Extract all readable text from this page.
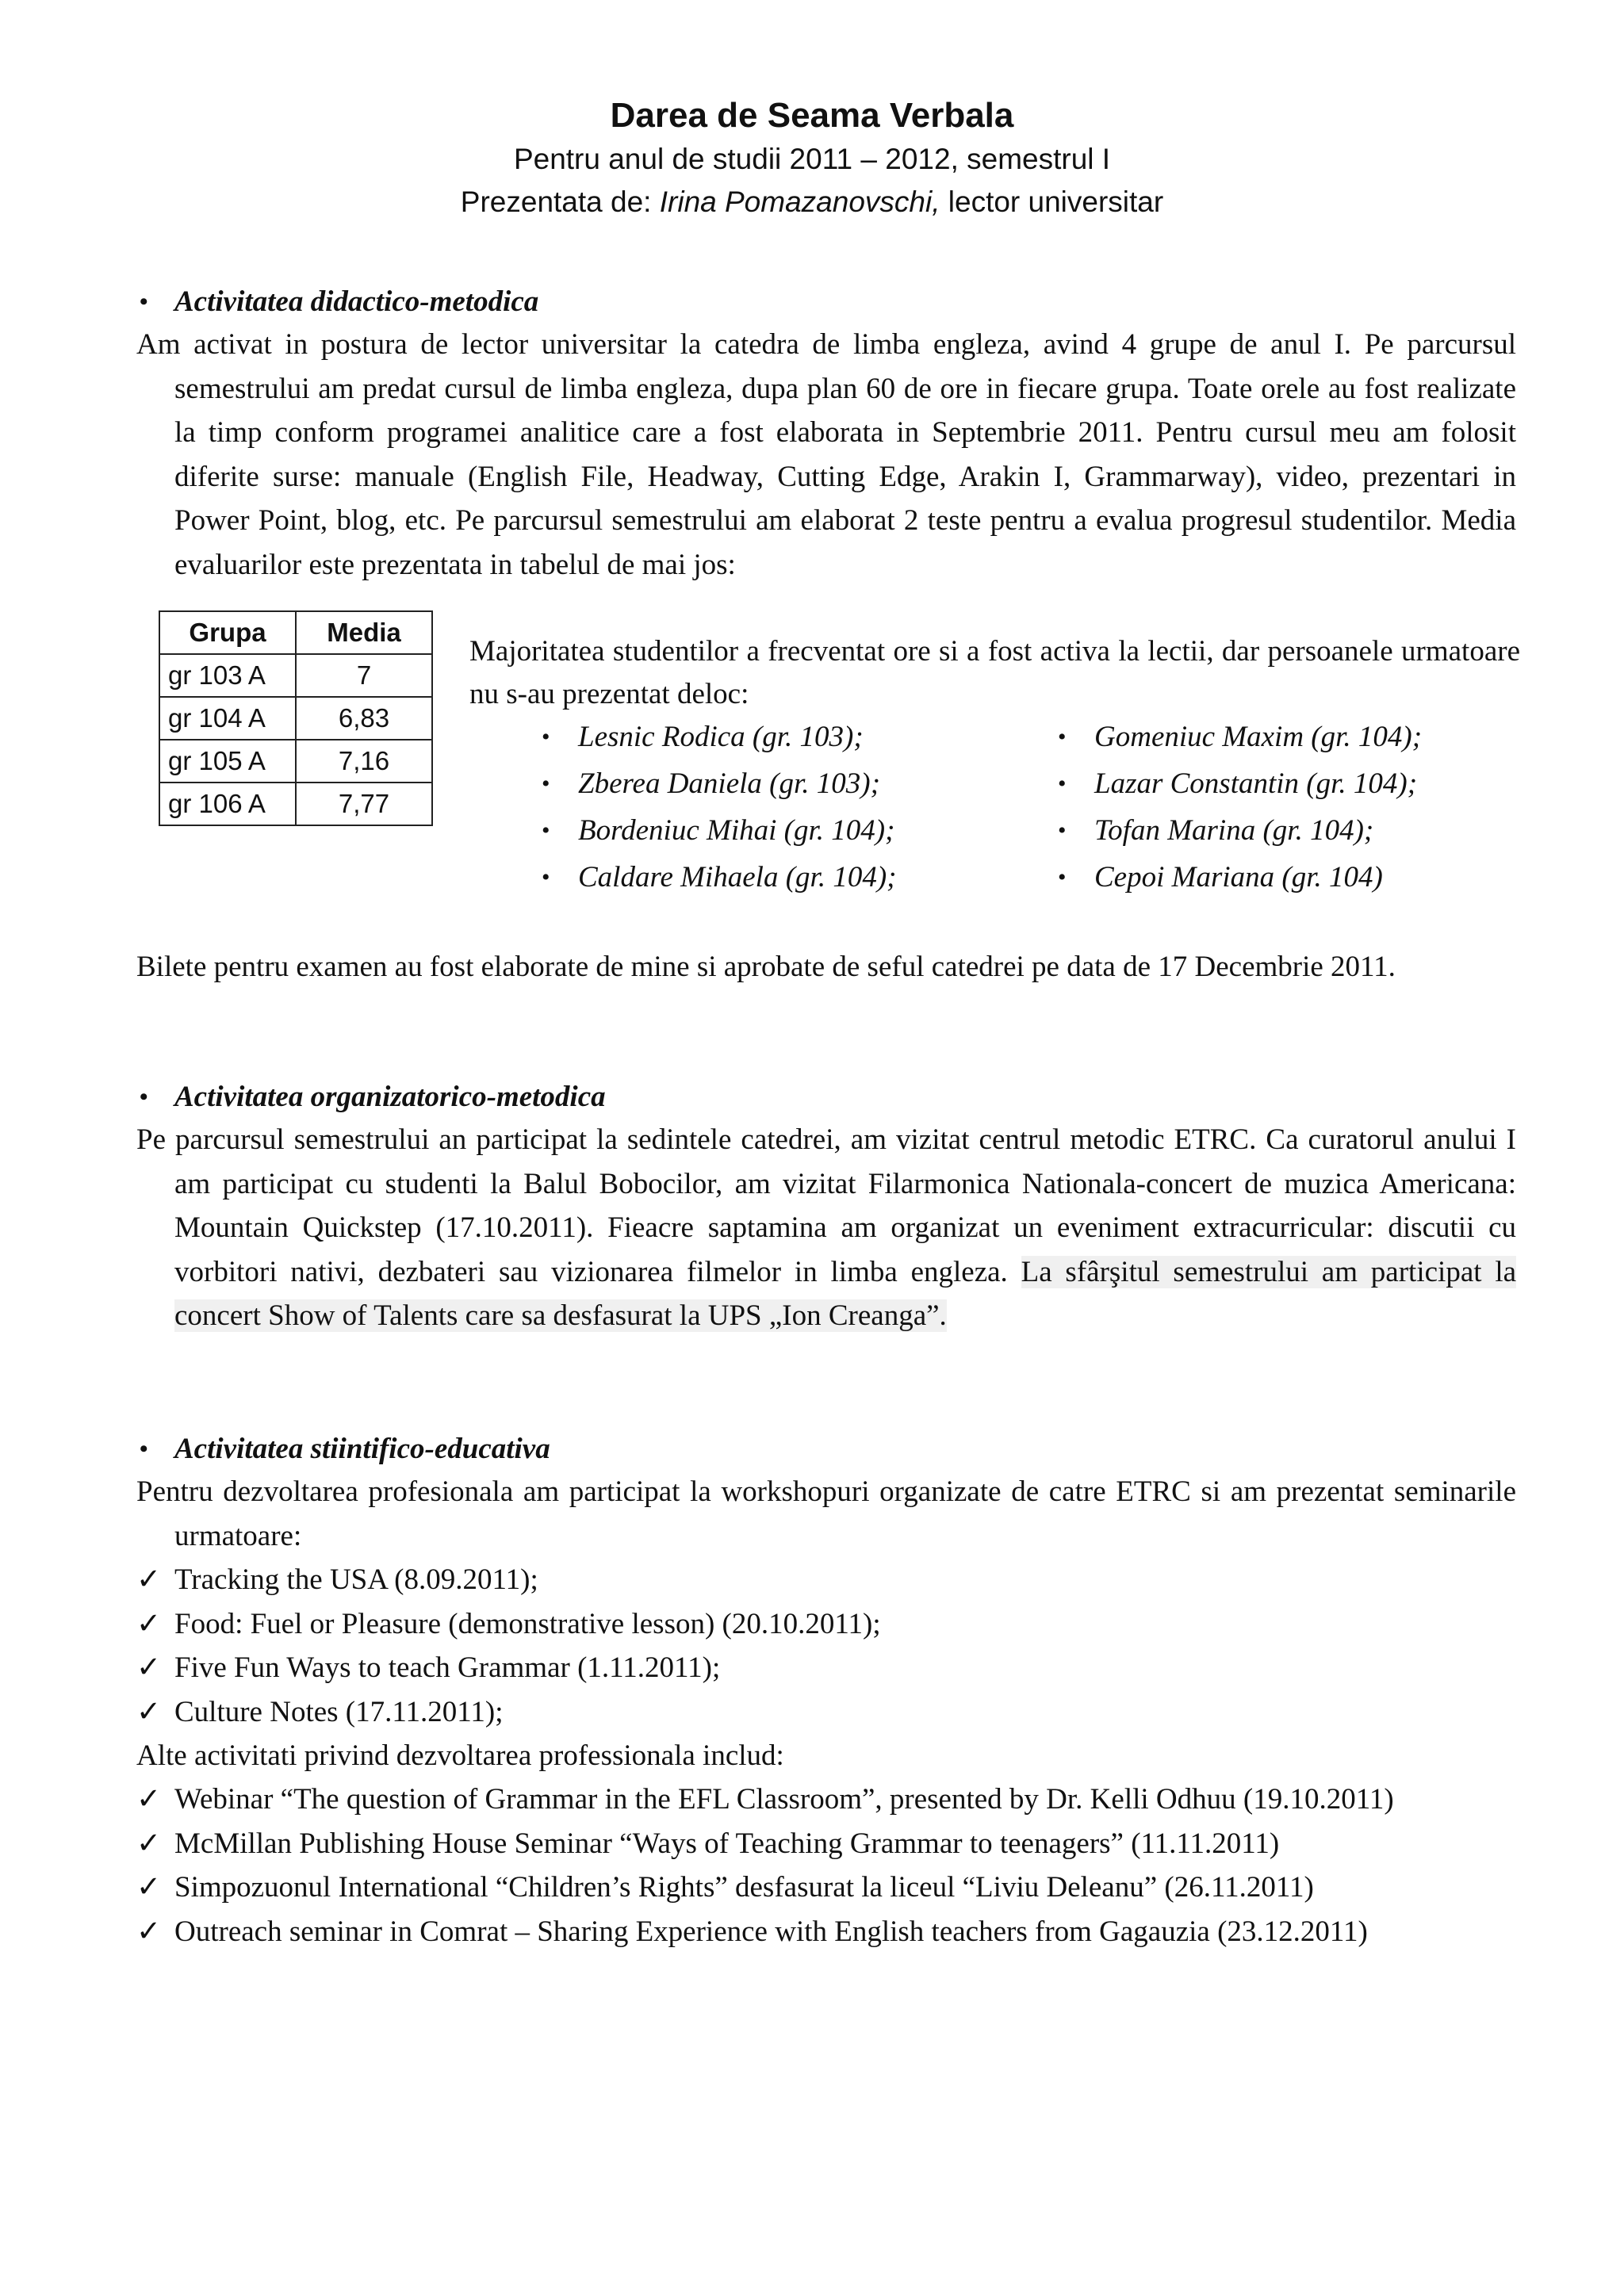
Darea de Seama Verbala
Pentru anul de studii 2011 – 2012, semestrul I
Prezentata de: Irina Pomazanovschi, lector universitar
• Activitatea didactico-metodica
Am activat in postura de lector universitar la catedra de limba engleza, avind 4 grupe de anul I. Pe parcursul semestrului am predat cursul de limba engleza, dupa plan 60 de ore in fiecare grupa. Toate orele au fost realizate la timp conform programei analitice care a fost elaborata in Septembrie 2011. Pentru cursul meu am folosit diferite surse: manuale (English File, Headway, Cutting Edge, Arakin I, Grammarway), video, prezentari in Power Point, blog, etc. Pe parcursul semestrului am elaborat 2 teste pentru a evalua progresul studentilor. Media evaluarilor este prezentata in tabelul de mai jos:
Grupa	Media
gr 103 A	7
gr 104 A	6,83
gr 105 A	7,16
gr 106 A	7,77
Majoritatea studentilor a frecventat ore si a fost activa la lectii, dar persoanele urmatoare nu s-au prezentat deloc:
• Lesnic Rodica (gr. 103);
• Zberea Daniela (gr. 103);
• Bordeniuc Mihai (gr. 104);
• Caldare Mihaela (gr. 104);
• Gomeniuc Maxim (gr. 104);
• Lazar Constantin (gr. 104);
• Tofan Marina (gr. 104);
• Cepoi Mariana (gr. 104)
Bilete pentru examen au fost elaborate de mine si aprobate de seful catedrei pe data de 17 Decembrie 2011.
• Activitatea organizatorico-metodica
Pe parcursul semestrului an participat la sedintele catedrei, am vizitat centrul metodic ETRC. Ca curatorul anului I am participat cu studenti la Balul Bobocilor, am vizitat Filarmonica Nationala-concert de muzica Americana: Mountain Quickstep (17.10.2011). Fieacre saptamina am organizat un eveniment extracurricular: discutii cu vorbitori nativi, dezbateri sau vizionarea filmelor in limba engleza. La sfârşitul semestrului am participat la concert Show of Talents care sa desfasurat la UPS „Ion Creanga”.
• Activitatea stiintifico-educativa
Pentru dezvoltarea profesionala am participat la workshopuri organizate de catre ETRC si am prezentat seminarile urmatoare:
✓ Tracking the USA (8.09.2011);
✓ Food: Fuel or Pleasure (demonstrative lesson) (20.10.2011);
✓ Five Fun Ways to teach Grammar (1.11.2011);
✓ Culture Notes (17.11.2011);
Alte activitati privind dezvoltarea professionala includ:
✓ Webinar “The question of Grammar in the EFL Classroom”, presented by Dr. Kelli Odhuu (19.10.2011)
✓ McMillan Publishing House Seminar “Ways of Teaching Grammar to teenagers” (11.11.2011)
✓ Simpozuonul International “Children’s Rights” desfasurat la liceul “Liviu Deleanu” (26.11.2011)
✓ Outreach seminar in Comrat – Sharing Experience with English teachers from Gagauzia (23.12.2011)
